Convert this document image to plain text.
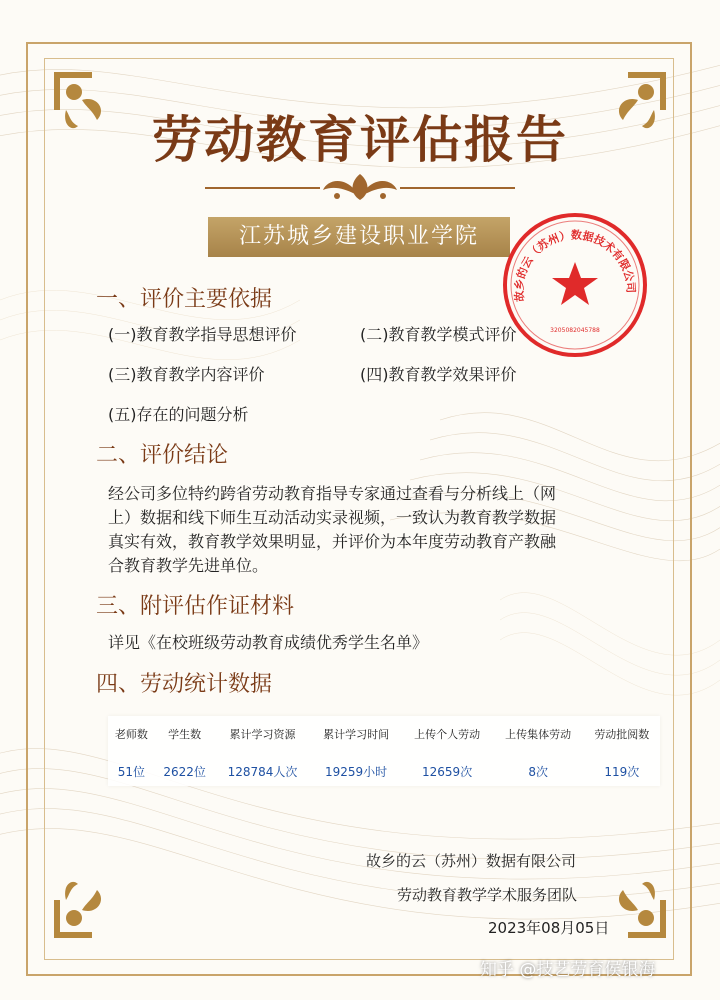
劳动教育评估报告
江苏城乡建设职业学院
故乡的云（苏州）数据技术有限公司
3205082045788
一、评价主要依据
(一)教育教学指导思想评价	(二)教育教学模式评价
(三)教育教学内容评价	(四)教育教学效果评价
(五)存在的问题分析
二、评价结论
经公司多位特约跨省劳动教育指导专家通过查看与分析线上（网
上）数据和线下师生互动活动实录视频，一致认为教育教学数据
真实有效，教育教学效果明显，并评价为本年度劳动教育产教融
合教育教学先进单位。
三、附评估作证材料
详见《在校班级劳动教育成绩优秀学生名单》
四、劳动统计数据
老师数	学生数	累计学习资源	累计学习时间	上传个人劳动	上传集体劳动	劳动批阅数
51位	2622位	128784人次	19259小时	12659次	8次	119次
故乡的云（苏州）数据有限公司
劳动教育教学学术服务团队
2023年08月05日
知乎 @技艺劳育侯银海
